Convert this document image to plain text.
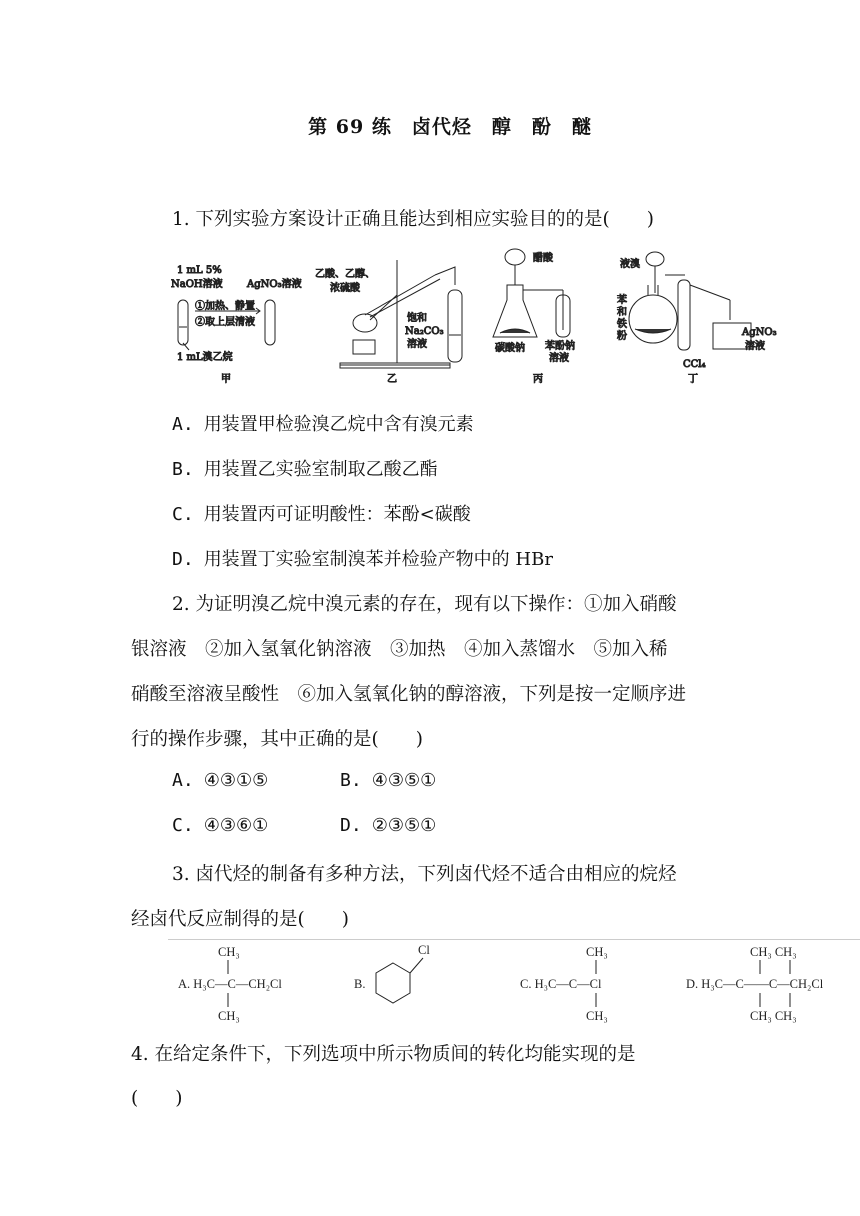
第 69 练　卤代烃　醇　酚　醚
1. 下列实验方案设计正确且能达到相应实验目的的是(　　)
1 mL 5%
NaOH溶液 AgNO₃溶液
①加热、静置
②取上层清液
1 mL溴乙烷
甲
乙酸、乙醇、
浓硫酸
饱和
Na₂CO₃
溶液
乙
醋酸
碳酸钠 苯酚钠
溶液
丙
液溴
苯
和
铁
粉	AgNO₃
溶液
CCl₄
丁
A. 用装置甲检验溴乙烷中含有溴元素
B. 用装置乙实验室制取乙酸乙酯
C. 用装置丙可证明酸性：苯酚<碳酸
D. 用装置丁实验室制溴苯并检验产物中的 HBr
2. 为证明溴乙烷中溴元素的存在，现有以下操作：①加入硝酸
银溶液　②加入氢氧化钠溶液　③加热　④加入蒸馏水　⑤加入稀
硝酸至溶液呈酸性　⑥加入氢氧化钠的醇溶液，下列是按一定顺序进
行的操作步骤，其中正确的是(　　)
A. ④③①⑤	B. ④③⑤①
C. ④③⑥①	D. ②③⑤①
3. 卤代烃的制备有多种方法，下列卤代烃不适合由相应的烷烃
经卤代反应制得的是(　　)
CH₃
A. H₃C—C—CH₂Cl
CH₃
B.
Cl	CH₃
C. H₃C—C—Cl
CH₃
CH₃ CH₃
D. H₃C—C——C—CH₂Cl
CH₃ CH₃
4. 在给定条件下，下列选项中所示物质间的转化均能实现的是
(　　)
